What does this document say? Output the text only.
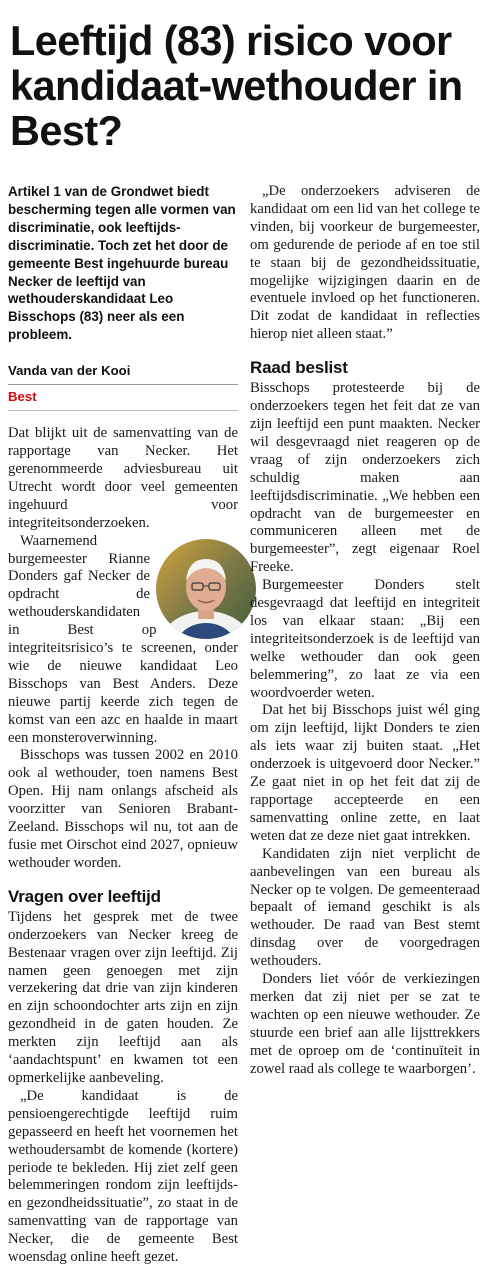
Leeftijd (83) risico voor kandidaat-wethouder in Best?

Artikel 1 van de Grondwet biedt bescherming tegen alle vormen van discriminatie, ook leeftijds-discriminatie. Toch zet het door de gemeente Best ingehuurde bureau Necker de leeftijd van wethouderskandidaat Leo Bisschops (83) neer als een probleem.

Vanda van der Kooi
Best

Dat blijkt uit de samenvatting van de rapportage van Necker. Het gerenommeerde adviesbureau uit Utrecht wordt door veel gemeenten ingehuurd voor integriteitsonderzoeken.

Waarnemend burgemeester Rianne Donders gaf Necker de opdracht de wethouderskandidaten in Best op integriteitsrisico’s te screenen, onder wie de nieuwe kandidaat Leo Bisschops van Best Anders. Deze nieuwe partij keerde zich tegen de komst van een azc en haalde in maart een monsteroverwinning.

Bisschops was tussen 2002 en 2010 ook al wethouder, toen namens Best Open. Hij nam onlangs afscheid als voorzitter van Senioren Brabant-Zeeland. Bisschops wil nu, tot aan de fusie met Oirschot eind 2027, opnieuw wethouder worden.

Vragen over leeftijd

Tijdens het gesprek met de twee onderzoekers van Necker kreeg de Bestenaar vragen over zijn leeftijd. Zij namen geen genoegen met zijn verzekering dat drie van zijn kinderen en zijn schoondochter arts zijn en zijn gezondheid in de gaten houden. Ze merkten zijn leeftijd aan als ‘aandachtspunt’ en kwamen tot een opmerkelijke aanbeveling.

„De kandidaat is de pensioengerechtigde leeftijd ruim gepasseerd en heeft het voornemen het wethoudersambt de komende (kortere) periode te bekleden. Hij ziet zelf geen belemmeringen rondom zijn leeftijds- en gezondheidssituatie”, zo staat in de samenvatting van de rapportage van Necker, die de gemeente Best woensdag online heeft gezet.

„De onderzoekers adviseren de kandidaat om een lid van het college te vinden, bij voorkeur de burgemeester, om gedurende de periode af en toe stil te staan bij de gezondheidssituatie, mogelijke wijzigingen daarin en de eventuele invloed op het functioneren. Dit zodat de kandidaat in reflecties hierop niet alleen staat.”

Raad beslist

Bisschops protesteerde bij de onderzoekers tegen het feit dat ze van zijn leeftijd een punt maakten. Necker wil desgevraagd niet reageren op de vraag of zijn onderzoekers zich schuldig maken aan leeftijdsdiscriminatie. „We hebben een opdracht van de burgemeester en communiceren alleen met de burgemeester”, zegt eigenaar Roel Freeke.

Burgemeester Donders stelt desgevraagd dat leeftijd en integriteit los van elkaar staan: „Bij een integriteitsonderzoek is de leeftijd van welke wethouder dan ook geen belemmering”, zo laat ze via een woordvoerder weten.

Dat het bij Bisschops juist wél ging om zijn leeftijd, lijkt Donders te zien als iets waar zij buiten staat. „Het onderzoek is uitgevoerd door Necker.” Ze gaat niet in op het feit dat zij de rapportage accepteerde en een samenvatting online zette, en laat weten dat ze deze niet gaat intrekken.

Kandidaten zijn niet verplicht de aanbevelingen van een bureau als Necker op te volgen. De gemeenteraad bepaalt of iemand geschikt is als wethouder. De raad van Best stemt dinsdag over de voorgedragen wethouders.

Donders liet vóór de verkiezingen merken dat zij niet per se zat te wachten op een nieuwe wethouder. Ze stuurde een brief aan alle lijsttrekkers met de oproep om de ‘continuïteit in zowel raad als college te waarborgen’.
